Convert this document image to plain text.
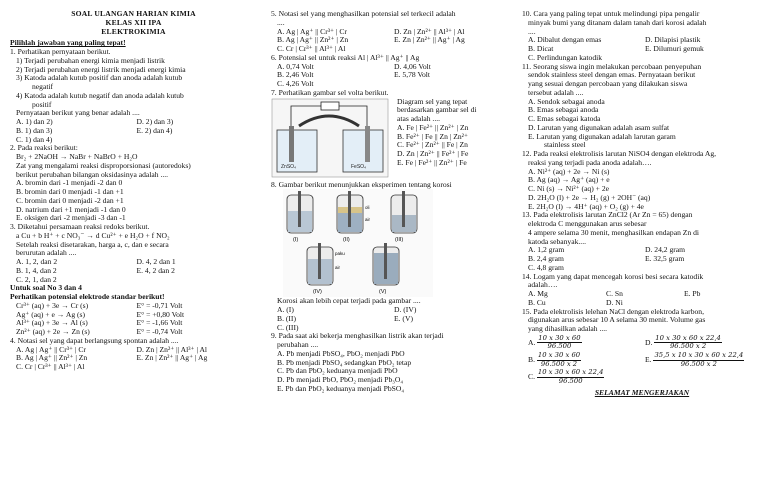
SOAL ULANGAN HARIAN KIMIA
KELAS XII IPA
ELEKTROKIMIA
Pilihlah jawaban yang paling tepat!
1. Perhatikan pernyataan berikut.
1) Terjadi perubahan energi kimia menjadi listrik
2) Terjadi perubahan energi listrik menjadi energi kimia
3) Katoda adalah kutub positif dan anoda adalah kutub
negatif
4) Katoda adalah kutub negatif dan anoda adalah kutub
positif
Pernyataan berikut yang benar adalah ....
A. 1) dan 2)	D. 2) dan 3)
B. 1) dan 3)	E. 2) dan 4)
C. 1) dan 4)
2. Pada reaksi berikut:
Br₂ + 2NaOH → NaBr + NaBrO + H₂O
Zat yang mengalami reaksi disproporsionasi (autoredoks)
berikut perubahan bilangan oksidasinya adalah ....
A. bromin dari -1 menjadi -2 dan 0
B. bromin dari 0 menjadi -1 dan +1
C. bromin dari 0 menjadi -2 dan +1
D. natrium dari +1 menjadi -1 dan 0
E. oksigen dari -2 menjadi -3 dan -1
3. Diketahui persamaan reaksi redoks berikut.
a Cu + b H⁺ + c NO₃⁻ → d Cu²⁺ + e H₂O + f NO₂
Setelah reaksi disetarakan, harga a, c, dan e secara
berurutan adalah ....
A. 1, 2, dan 2	D. 4, 2 dan 1
B. 1, 4, dan 2	E. 4, 2 dan 2
C. 2, 1, dan 2
Untuk soal No 3 dan 4
Perhatikan potensial elektrode standar berikut!
Cr³⁺ (aq) + 3e → Cr (s)	E° = -0,71 Volt
Ag⁺ (aq) + e → Ag (s)	E° = +0,80 Volt
Al³⁺ (aq) + 3e → Al (s)	E° = -1,66 Volt
Zn²⁺ (aq) + 2e → Zn (s)	E° = -0,74 Volt
4. Notasi sel yang dapat berlangsung spontan adalah ....
A. Ag | Ag⁺ || Cr³⁺ | Cr	D. Zn | Zn²⁺ || Al³⁺ | Al
B. Ag | Ag⁺ || Zn²⁺ | Zn	E. Zn | Zn²⁺ || Ag⁺ | Ag
C. Cr | Cr³⁺ || Al³⁺ | Al
5. Notasi sel yang menghasilkan potensial sel terkecil adalah
....
A. Ag | Ag⁺ || Cr³⁺ | Cr	D. Zn | Zn²⁺ || Al³⁺ | Al
B. Ag | Ag⁺ || Zn²⁺ | Zn	E. Zn | Zn²⁺ || Ag⁺ | Ag
C. Cr | Cr³⁺ || Al³⁺ | Al
6. Potensial sel untuk reaksi Al | Al³⁺ || Ag⁺ || Ag
A. 0,74 Volt	D. 4,06 Volt
B. 2,46 Volt	E. 5,78 Volt
C. 4,26 Volt
7. Perhatikan gambar sel volta berikut.
ZnSO₄	FeSO₄
Diagram sel yang tepat
berdasarkan gambar sel di
atas adalah ....
A. Fe | Fe²⁺ || Zn²⁺ | Zn
B. Fe²⁺ | Fe || Zn | Zn²⁺
C. Fe²⁺ | Zn²⁺ || Fe | Zn
D. Zn | Zn²⁺ || Fe²⁺ | Fe
E. Fe | Fe²⁺ || Zn²⁺ | Fe
8. Gambar berikut menunjukkan eksperimen tentang korosi
(I)
oli
air
(II)	(III)
paku
air
(IV)	(V)
Korosi akan lebih cepat terjadi pada gambar ....
A. (I)	D. (IV)
B. (II)	E. (V)
C. (III)
9. Pada saat aki bekerja menghasilkan listrik akan terjadi
perubahan ....
A. Pb menjadi PbSO₄, PbO₂ menjadi PbO
B. Pb menjadi PbSO₄ sedangkan PbO₂ tetap
C. Pb dan PbO₂ keduanya menjadi PbO
D. Pb menjadi PbO, PbO₂ menjadi Pb₃O₄
E. Pb dan PbO₂ keduanya menjadi PbSO₄
10. Cara yang paling tepat untuk melindungi pipa pengalir
minyak bumi yang ditanam dalam tanah dari korosi adalah
....
A. Dibalut dengan emas	D. Dilapisi plastik
B. Dicat	E. Dilumuri gemuk
C. Perlindungan katodik
11. Seorang siswa ingin melakukan percobaan penyepuhan
sendok stainless steel dengan emas. Pernyataan berikut
yang sesuai dengan percobaan yang dilakukan siswa
tersebut adalah ....
A. Sendok sebagai anoda
B. Emas sebagai anoda
C. Emas sebagai katoda
D. Larutan yang digunakan adalah asam sulfat
E. Larutan yang digunakan adalah larutan garam
stainless steel
12. Pada reaksi elektrolisis larutan NiSO4 dengan elektroda Ag,
reaksi yang terjadi pada anoda adalah….
A. Ni²⁺ (aq) + 2e → Ni (s)
B. Ag (aq) → Ag⁺ (aq) + e
C. Ni (s) → Ni²⁺ (aq) + 2e
D. 2H₂O (l) + 2e → H₂ (g) + 2OH⁻ (aq)
E. 2H₂O (l) → 4H⁺ (aq) + O₂ (g) + 4e
13. Pada elektrolisis larutan ZnCl2 (Ar Zn = 65) dengan
elektroda C menggunakan arus sebesar
4 ampere selama 30 menit, menghasilkan endapan Zn di
katoda sebanyak....
A. 1,2 gram	D. 24,2 gram
B. 2,4 gram	E. 32,5 gram
C. 4,8 gram
14. Logam yang dapat mencegah korosi besi secara katodik
adalah….
A. Mg	C. Sn	E. Pb
B. Cu	D. Ni
15. Pada elektrolisis lelehan NaCl dengan elektroda karbon,
digunakan arus sebesar 10 A selama 30 menit. Volume gas
yang dihasilkan adalah ....
A. $\frac{10 x 30 x 60}{96.500}$	D. $\frac{10 x 30 x 60 x 22,4}{96.500 x 2}$
B. $\frac{10 x 30 x 60}{96.500 x 2}$	E. $\frac{35,5 x 10 x 30 x 60 x 22,4}{96.500 x 2}$
C. $\frac{10 x 30 x 60 x 22,4}{96.500}$
SELAMAT MENGERJAKAN
